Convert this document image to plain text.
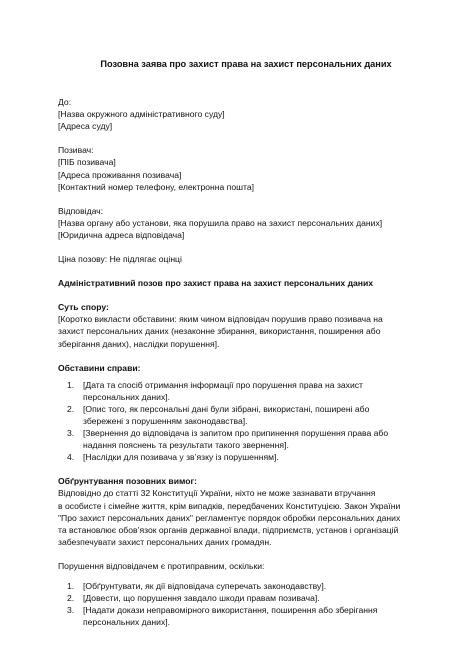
Позовна заява про захист права на захист персональних даних
До:
[Назва окружного адміністративного суду]
[Адреса суду]
Позивач:
[ПІБ позивача]
[Адреса проживання позивача]
[Контактний номер телефону, електронна пошта]
Відповідач:
[Назва органу або установи, яка порушила право на захист персональних даних]
[Юридична адреса відповідача]
Ціна позову: Не підлягає оцінці
Адміністративний позов про захист права на захист персональних даних
Суть спору:
[Коротко викласти обставини: яким чином відповідач порушив право позивача на
захист персональних даних (незаконне збирання, використання, поширення або
зберігання даних), наслідки порушення].
Обставини справи:
1. [Дата та спосіб отримання інформації про порушення права на захист
персональних даних].
2. [Опис того, як персональні дані були зібрані, використані, поширені або
збережені з порушенням законодавства].
3. [Звернення до відповідача із запитом про припинення порушення права або
надання пояснень та результати такого звернення].
4. [Наслідки для позивача у зв’язку із порушенням].
Обґрунтування позовних вимог:
Відповідно до статті 32 Конституції України, ніхто не може зазнавати втручання
в особисте і сімейне життя, крім випадків, передбачених Конституцією. Закон України
"Про захист персональних даних" регламентує порядок обробки персональних даних
та встановлює обов’язок органів державної влади, підприємств, установ і організацій
забезпечувати захист персональних даних громадян.
Порушення відповідачем є протиправним, оскільки:
1. [Обґрунтувати, як дії відповідача суперечать законодавству].
2. [Довести, що порушення завдало шкоди правам позивача].
3. [Надати докази неправомірного використання, поширення або зберігання
персональних даних].
